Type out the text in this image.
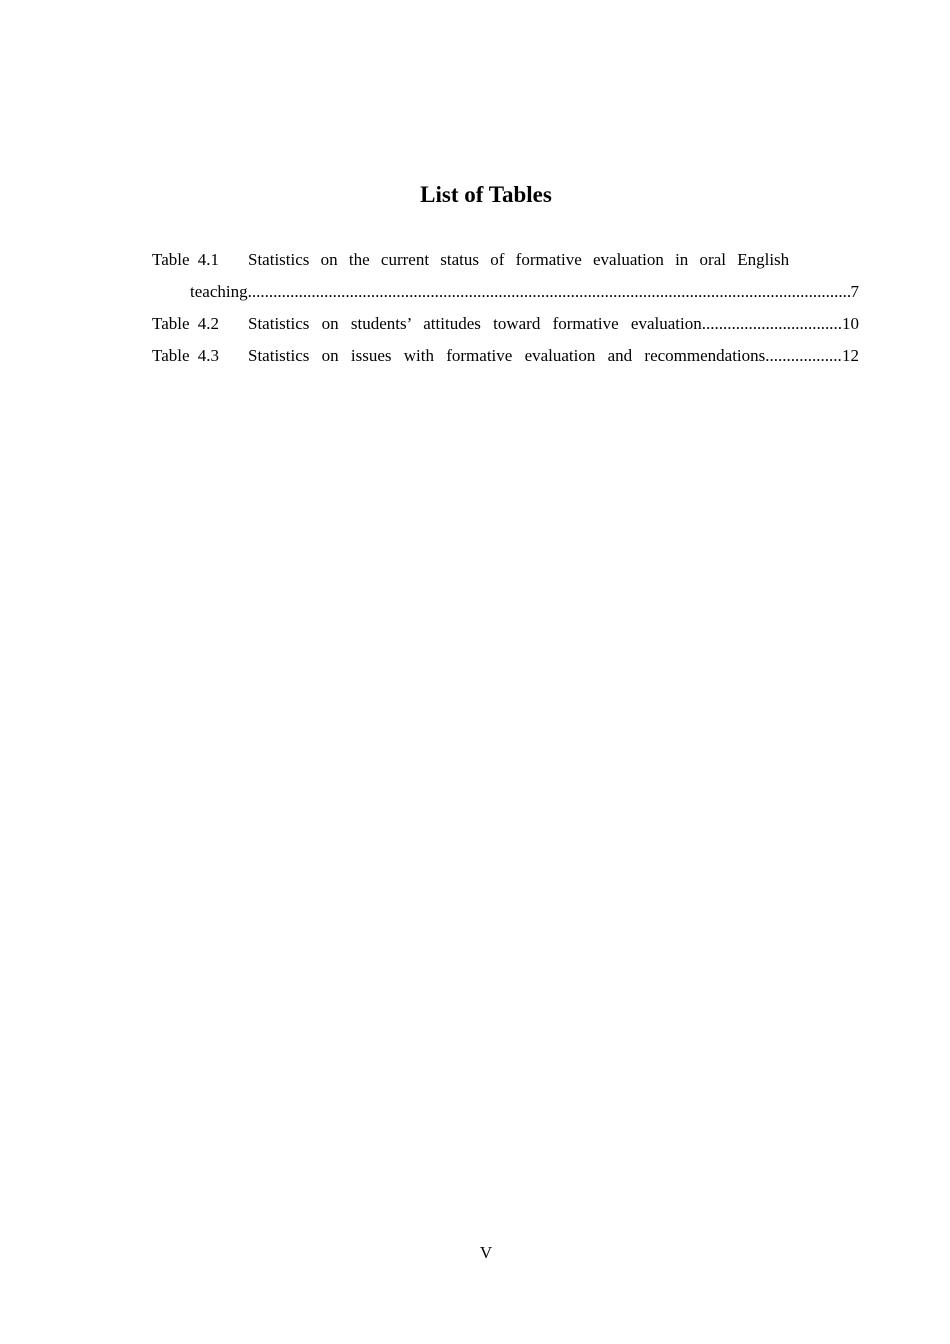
List of Tables
Table 4.1	Statistics on the current status of formative evaluation in oral English
teaching .....	7
Table 4.2	Statistics on students’ attitudes toward formative evaluation .....	10
Table 4.3	Statistics on issues with formative evaluation and recommendations .....	12
V
